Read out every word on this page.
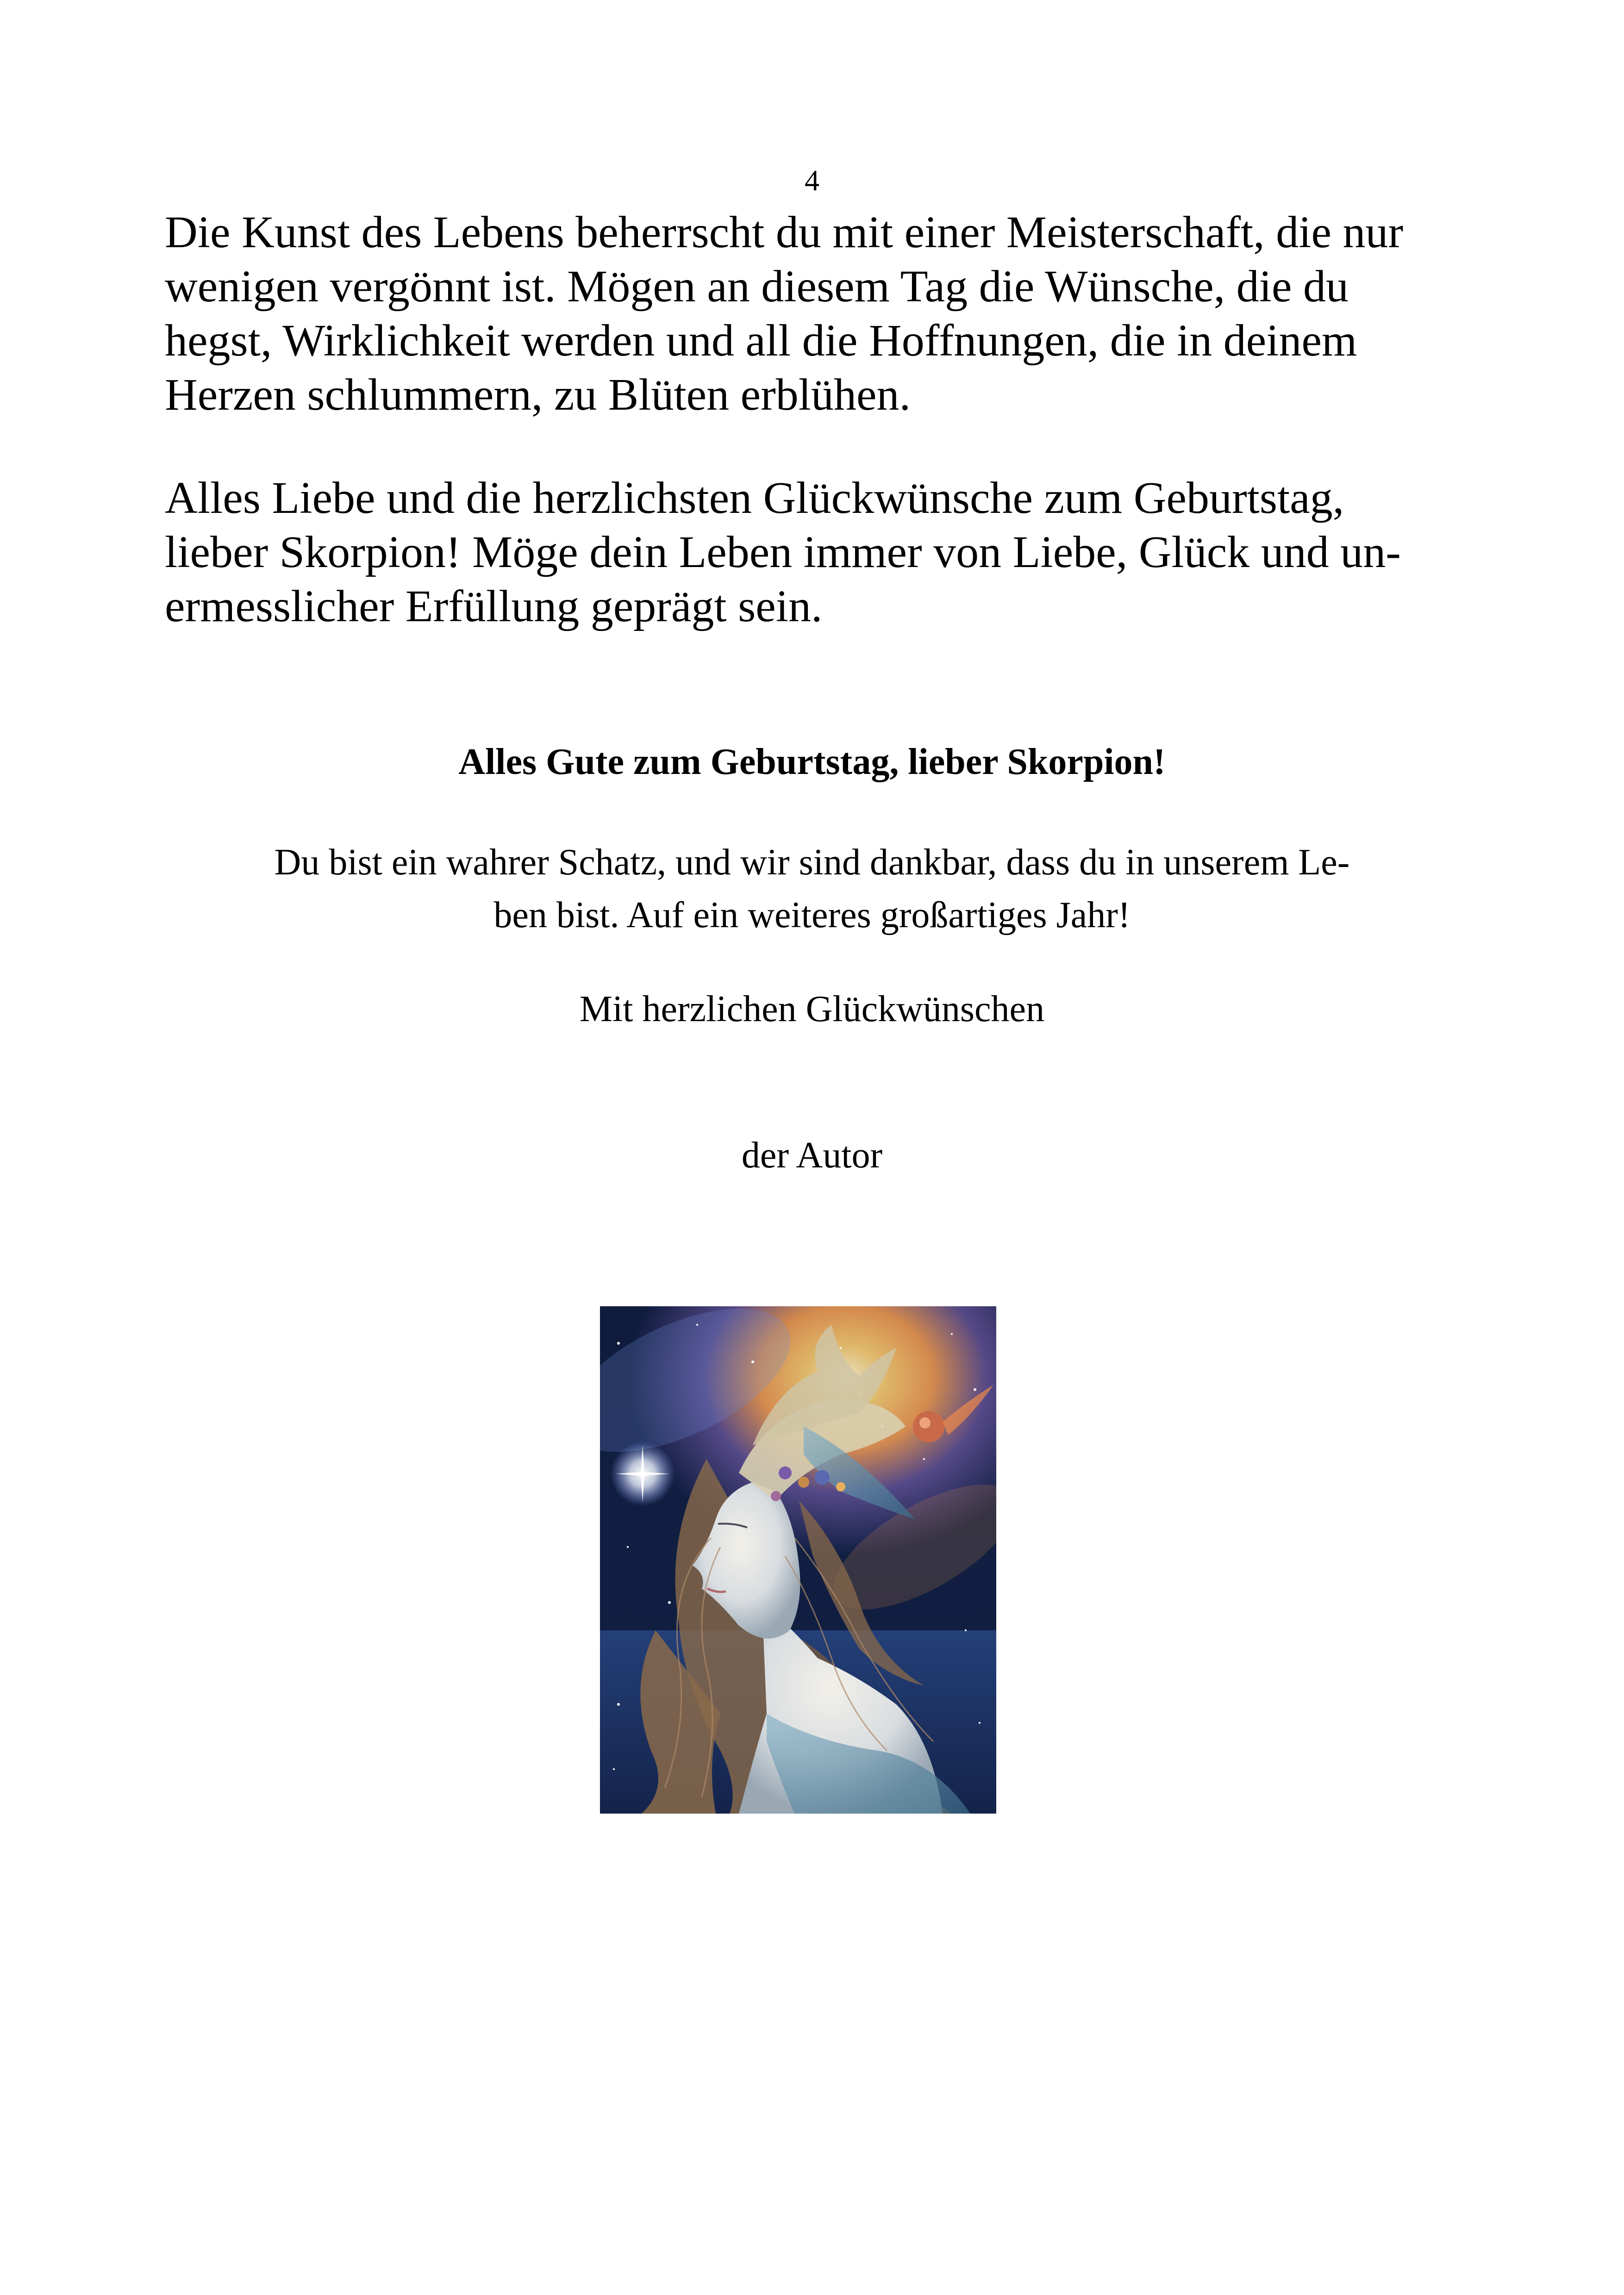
4

Die Kunst des Lebens beherrscht du mit einer Meisterschaft, die nur
wenigen vergönnt ist. Mögen an diesem Tag die Wünsche, die du
hegst, Wirklichkeit werden und all die Hoffnungen, die in deinem
Herzen schlummern, zu Blüten erblühen.

Alles Liebe und die herzlichsten Glückwünsche zum Geburtstag,
lieber Skorpion! Möge dein Leben immer von Liebe, Glück und un-
ermesslicher Erfüllung geprägt sein.

Alles Gute zum Geburtstag, lieber Skorpion!

Du bist ein wahrer Schatz, und wir sind dankbar, dass du in unserem Le-
ben bist. Auf ein weiteres großartiges Jahr!

Mit herzlichen Glückwünschen
der Autor
